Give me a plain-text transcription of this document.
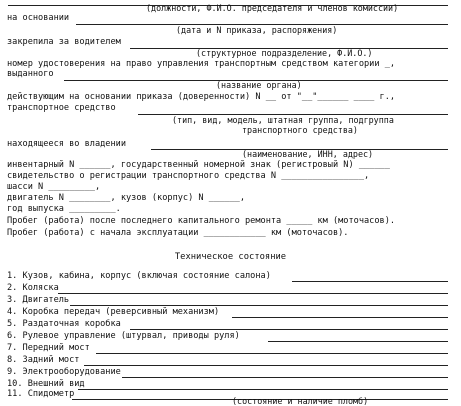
(должности, Ф.И.О. председателя и членов комиссии)
на основании
(дата и N приказа, распоряжения)
закрепила за водителем
(структурное подразделение, Ф.И.О.)
номер удостоверения на право управления транспортным средством категории _,
выданного
(название органа)
действующим на основании приказа (доверенности) N __ от "__"______ ____ г.,
транспортное средство
(тип, вид, модель, штатная группа, подгруппа
транспортного средства)
находящееся во владении
(наименование, ИНН, адрес)
инвентарный N ______, государственный номерной знак (регистровый N) ______
свидетельство о регистрации транспортного средства N ________________,
шасси N _________,
двигатель N ________, кузов (корпус) N ______,
год выпуска _________.
Пробег (работа) после последнего капитального ремонта _____ км (моточасов).
Пробег (работа) с начала эксплуатации ____________ км (моточасов).
Техническое состояние
1. Кузов, кабина, корпус (включая состояние салона)
2. Коляска
3. Двигатель
4. Коробка передач (реверсивный механизм)
5. Раздаточная коробка
6. Рулевое управление (штурвал, приводы руля)
7. Передний мост
8. Задний мост
9. Электрооборудование
10. Внешний вид
11. Спидометр
(состояние и наличие пломб)
